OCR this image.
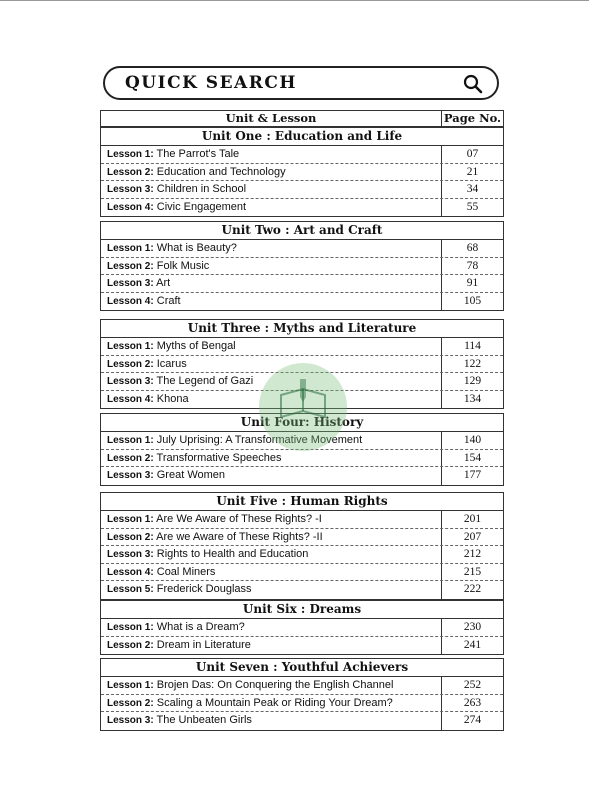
QUICK SEARCH
Unit & Lesson	Page No.
Unit One : Education and Life
Lesson 1: The Parrot's Tale	07
Lesson 2: Education and Technology	21
Lesson 3: Children in School	34
Lesson 4: Civic Engagement	55
Unit Two : Art and Craft
Lesson 1: What is Beauty?	68
Lesson 2: Folk Music	78
Lesson 3: Art	91
Lesson 4: Craft	105
Unit Three : Myths and Literature
Lesson 1: Myths of Bengal	114
Lesson 2: Icarus	122
Lesson 3: The Legend of Gazi	129
Lesson 4: Khona	134
Unit Four: History
Lesson 1: July Uprising: A Transformative Movement	140
Lesson 2: Transformative Speeches	154
Lesson 3: Great Women	177
Unit Five : Human Rights
Lesson 1: Are We Aware of These Rights? -I	201
Lesson 2: Are we Aware of These Rights? -II	207
Lesson 3: Rights to Health and Education	212
Lesson 4: Coal Miners	215
Lesson 5: Frederick Douglass	222
Unit Six : Dreams
Lesson 1: What is a Dream?	230
Lesson 2: Dream in Literature	241
Unit Seven : Youthful Achievers
Lesson 1: Brojen Das: On Conquering the English Channel	252
Lesson 2: Scaling a Mountain Peak or Riding Your Dream?	263
Lesson 3: The Unbeaten Girls	274
